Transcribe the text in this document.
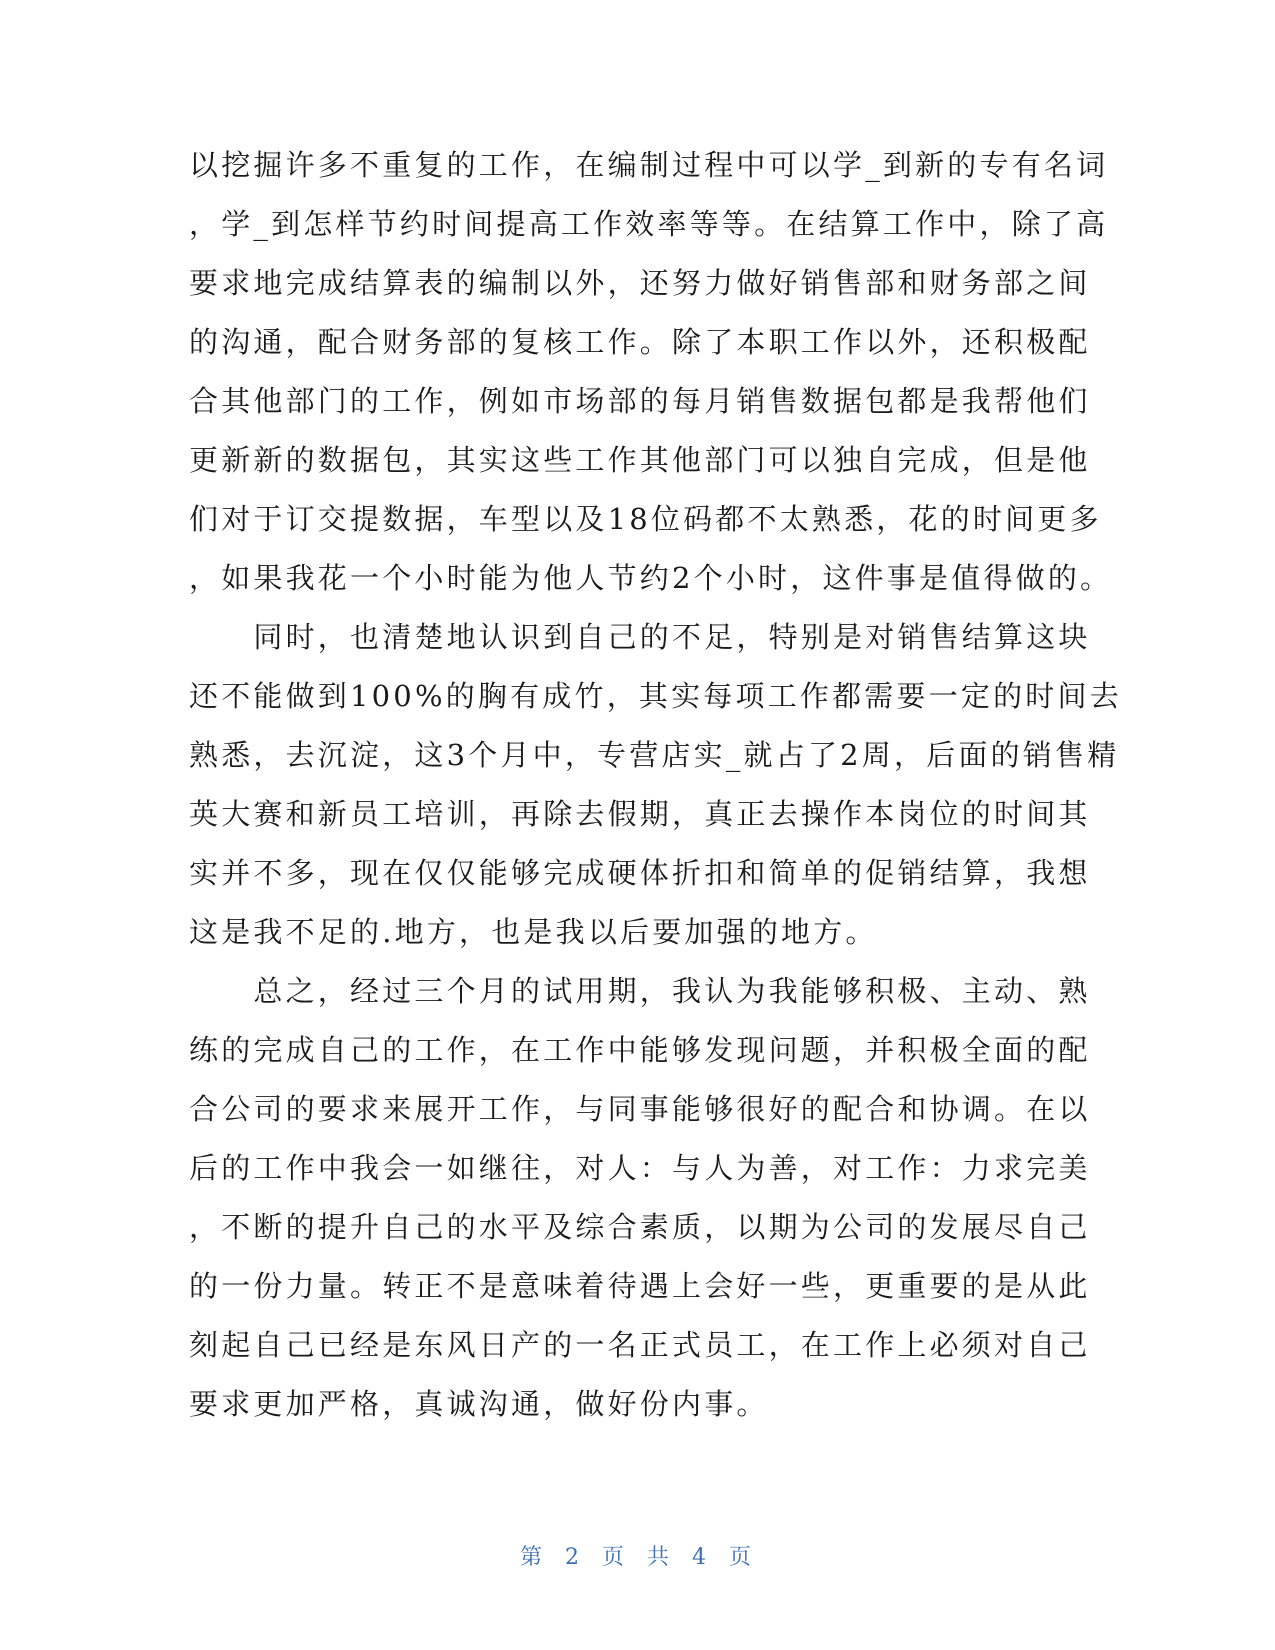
以挖掘许多不重复的工作，在编制过程中可以学_到新的专有名词
，学_到怎样节约时间提高工作效率等等。在结算工作中，除了高
要求地完成结算表的编制以外，还努力做好销售部和财务部之间
的沟通，配合财务部的复核工作。除了本职工作以外，还积极配
合其他部门的工作，例如市场部的每月销售数据包都是我帮他们
更新新的数据包，其实这些工作其他部门可以独自完成，但是他
们对于订交提数据，车型以及18位码都不太熟悉，花的时间更多
，如果我花一个小时能为他人节约2个小时，这件事是值得做的。
　　同时，也清楚地认识到自己的不足，特别是对销售结算这块
还不能做到100%的胸有成竹，其实每项工作都需要一定的时间去
熟悉，去沉淀，这3个月中，专营店实_就占了2周，后面的销售精
英大赛和新员工培训，再除去假期，真正去操作本岗位的时间其
实并不多，现在仅仅能够完成硬体折扣和简单的促销结算，我想
这是我不足的.地方，也是我以后要加强的地方。
　　总之，经过三个月的试用期，我认为我能够积极、主动、熟
练的完成自己的工作，在工作中能够发现问题，并积极全面的配
合公司的要求来展开工作，与同事能够很好的配合和协调。在以
后的工作中我会一如继往，对人：与人为善，对工作：力求完美
，不断的提升自己的水平及综合素质，以期为公司的发展尽自己
的一份力量。转正不是意味着待遇上会好一些，更重要的是从此
刻起自己已经是东风日产的一名正式员工，在工作上必须对自己
要求更加严格，真诚沟通，做好份内事。
第 2 页 共 4 页
